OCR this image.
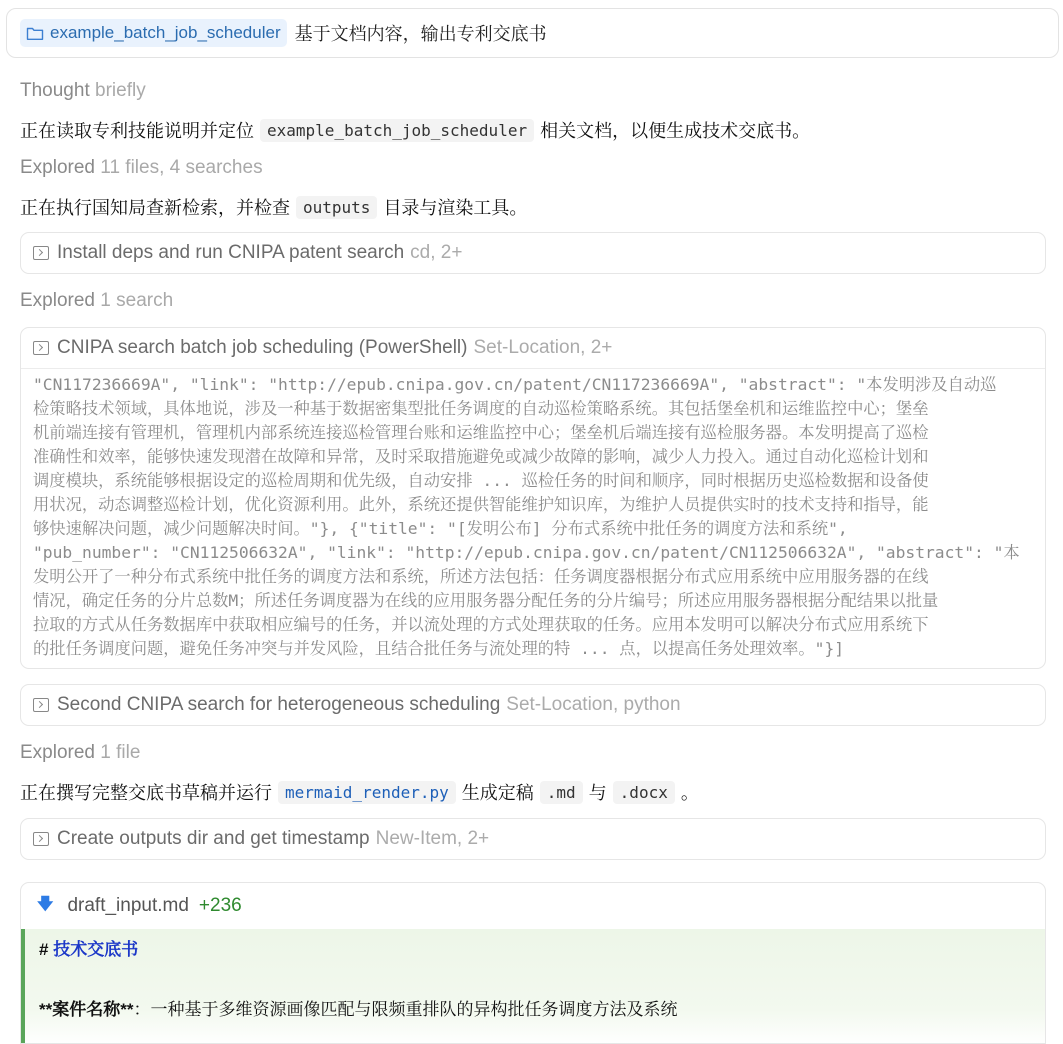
example_batch_job_scheduler 基于文档内容，输出专利交底书
Thought briefly
正在读取专利技能说明并定位 example_batch_job_scheduler 相关文档，以便生成技术交底书。
Explored 11 files, 4 searches
正在执行国知局查新检索，并检查 outputs 目录与渲染工具。
Install deps and run CNIPA patent search cd, 2+
Explored 1 search
CNIPA search batch job scheduling (PowerShell) Set-Location, 2+
"CN117236669A", "link": "http://epub.cnipa.gov.cn/patent/CN117236669A", "abstract": "本发明涉及自动巡
检策略技术领域，具体地说，涉及一种基于数据密集型批任务调度的自动巡检策略系统。其包括堡垒机和运维监控中心；堡垒
机前端连接有管理机，管理机内部系统连接巡检管理台账和运维监控中心；堡垒机后端连接有巡检服务器。本发明提高了巡检
准确性和效率，能够快速发现潜在故障和异常，及时采取措施避免或减少故障的影响，减少人力投入。通过自动化巡检计划和
调度模块，系统能够根据设定的巡检周期和优先级，自动安排 ... 巡检任务的时间和顺序，同时根据历史巡检数据和设备使
用状况，动态调整巡检计划，优化资源利用。此外，系统还提供智能维护知识库，为维护人员提供实时的技术支持和指导，能
够快速解决问题，减少问题解决时间。"}, {"title": "[发明公布] 分布式系统中批任务的调度方法和系统",
"pub_number": "CN112506632A", "link": "http://epub.cnipa.gov.cn/patent/CN112506632A", "abstract": "本
发明公开了一种分布式系统中批任务的调度方法和系统，所述方法包括：任务调度器根据分布式应用系统中应用服务器的在线
情况，确定任务的分片总数M；所述任务调度器为在线的应用服务器分配任务的分片编号；所述应用服务器根据分配结果以批量
拉取的方式从任务数据库中获取相应编号的任务，并以流处理的方式处理获取的任务。应用本发明可以解决分布式应用系统下
的批任务调度问题，避免任务冲突与并发风险，且结合批任务与流处理的特 ... 点，以提高任务处理效率。"}]
Second CNIPA search for heterogeneous scheduling Set-Location, python
Explored 1 file
正在撰写完整交底书草稿并运行 mermaid_render.py 生成定稿 .md 与 .docx 。
Create outputs dir and get timestamp New-Item, 2+
🡇 draft_input.md +236
# 技术交底书
**案件名称**：一种基于多维资源画像匹配与限频重排队的异构批任务调度方法及系统
